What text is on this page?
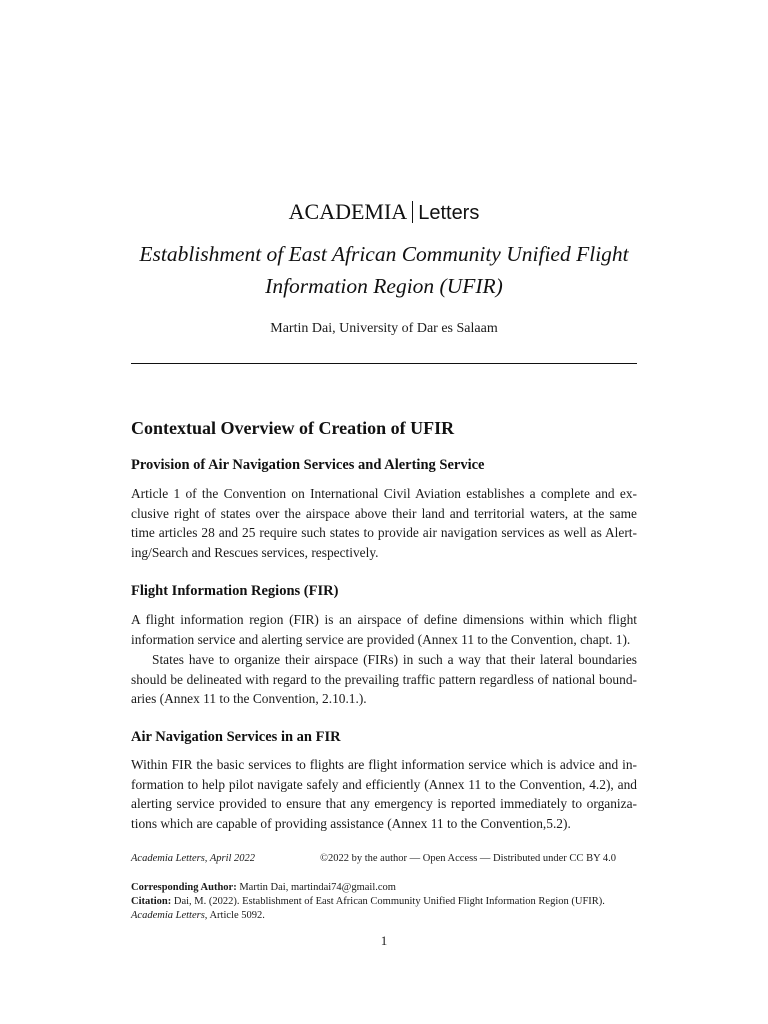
ACADEMIA Letters
Establishment of East African Community Unified Flight Information Region (UFIR)
Martin Dai, University of Dar es Salaam
Contextual Overview of Creation of UFIR
Provision of Air Navigation Services and Alerting Service

Article 1 of the Convention on International Civil Aviation establishes a complete and exclusive right of states over the airspace above their land and territorial waters, at the same time articles 28 and 25 require such states to provide air navigation services as well as Alerting/Search and Rescues services, respectively.

Flight Information Regions (FIR)

A flight information region (FIR) is an airspace of define dimensions within which flight information service and alerting service are provided (Annex 11 to the Convention, chapt. 1).

States have to organize their airspace (FIRs) in such a way that their lateral boundaries should be delineated with regard to the prevailing traffic pattern regardless of national boundaries (Annex 11 to the Convention, 2.10.1.).

Air Navigation Services in an FIR

Within FIR the basic services to flights are flight information service which is advice and information to help pilot navigate safely and efficiently (Annex 11 to the Convention, 4.2), and alerting service provided to ensure that any emergency is reported immediately to organizations which are capable of providing assistance (Annex 11 to the Convention,5.2).

Academia Letters, April 2022	©2022 by the author — Open Access — Distributed under CC BY 4.0
Corresponding Author: Martin Dai, martindai74@gmail.com
Citation: Dai, M. (2022). Establishment of East African Community Unified Flight Information Region (UFIR). Academia Letters, Article 5092.
1
